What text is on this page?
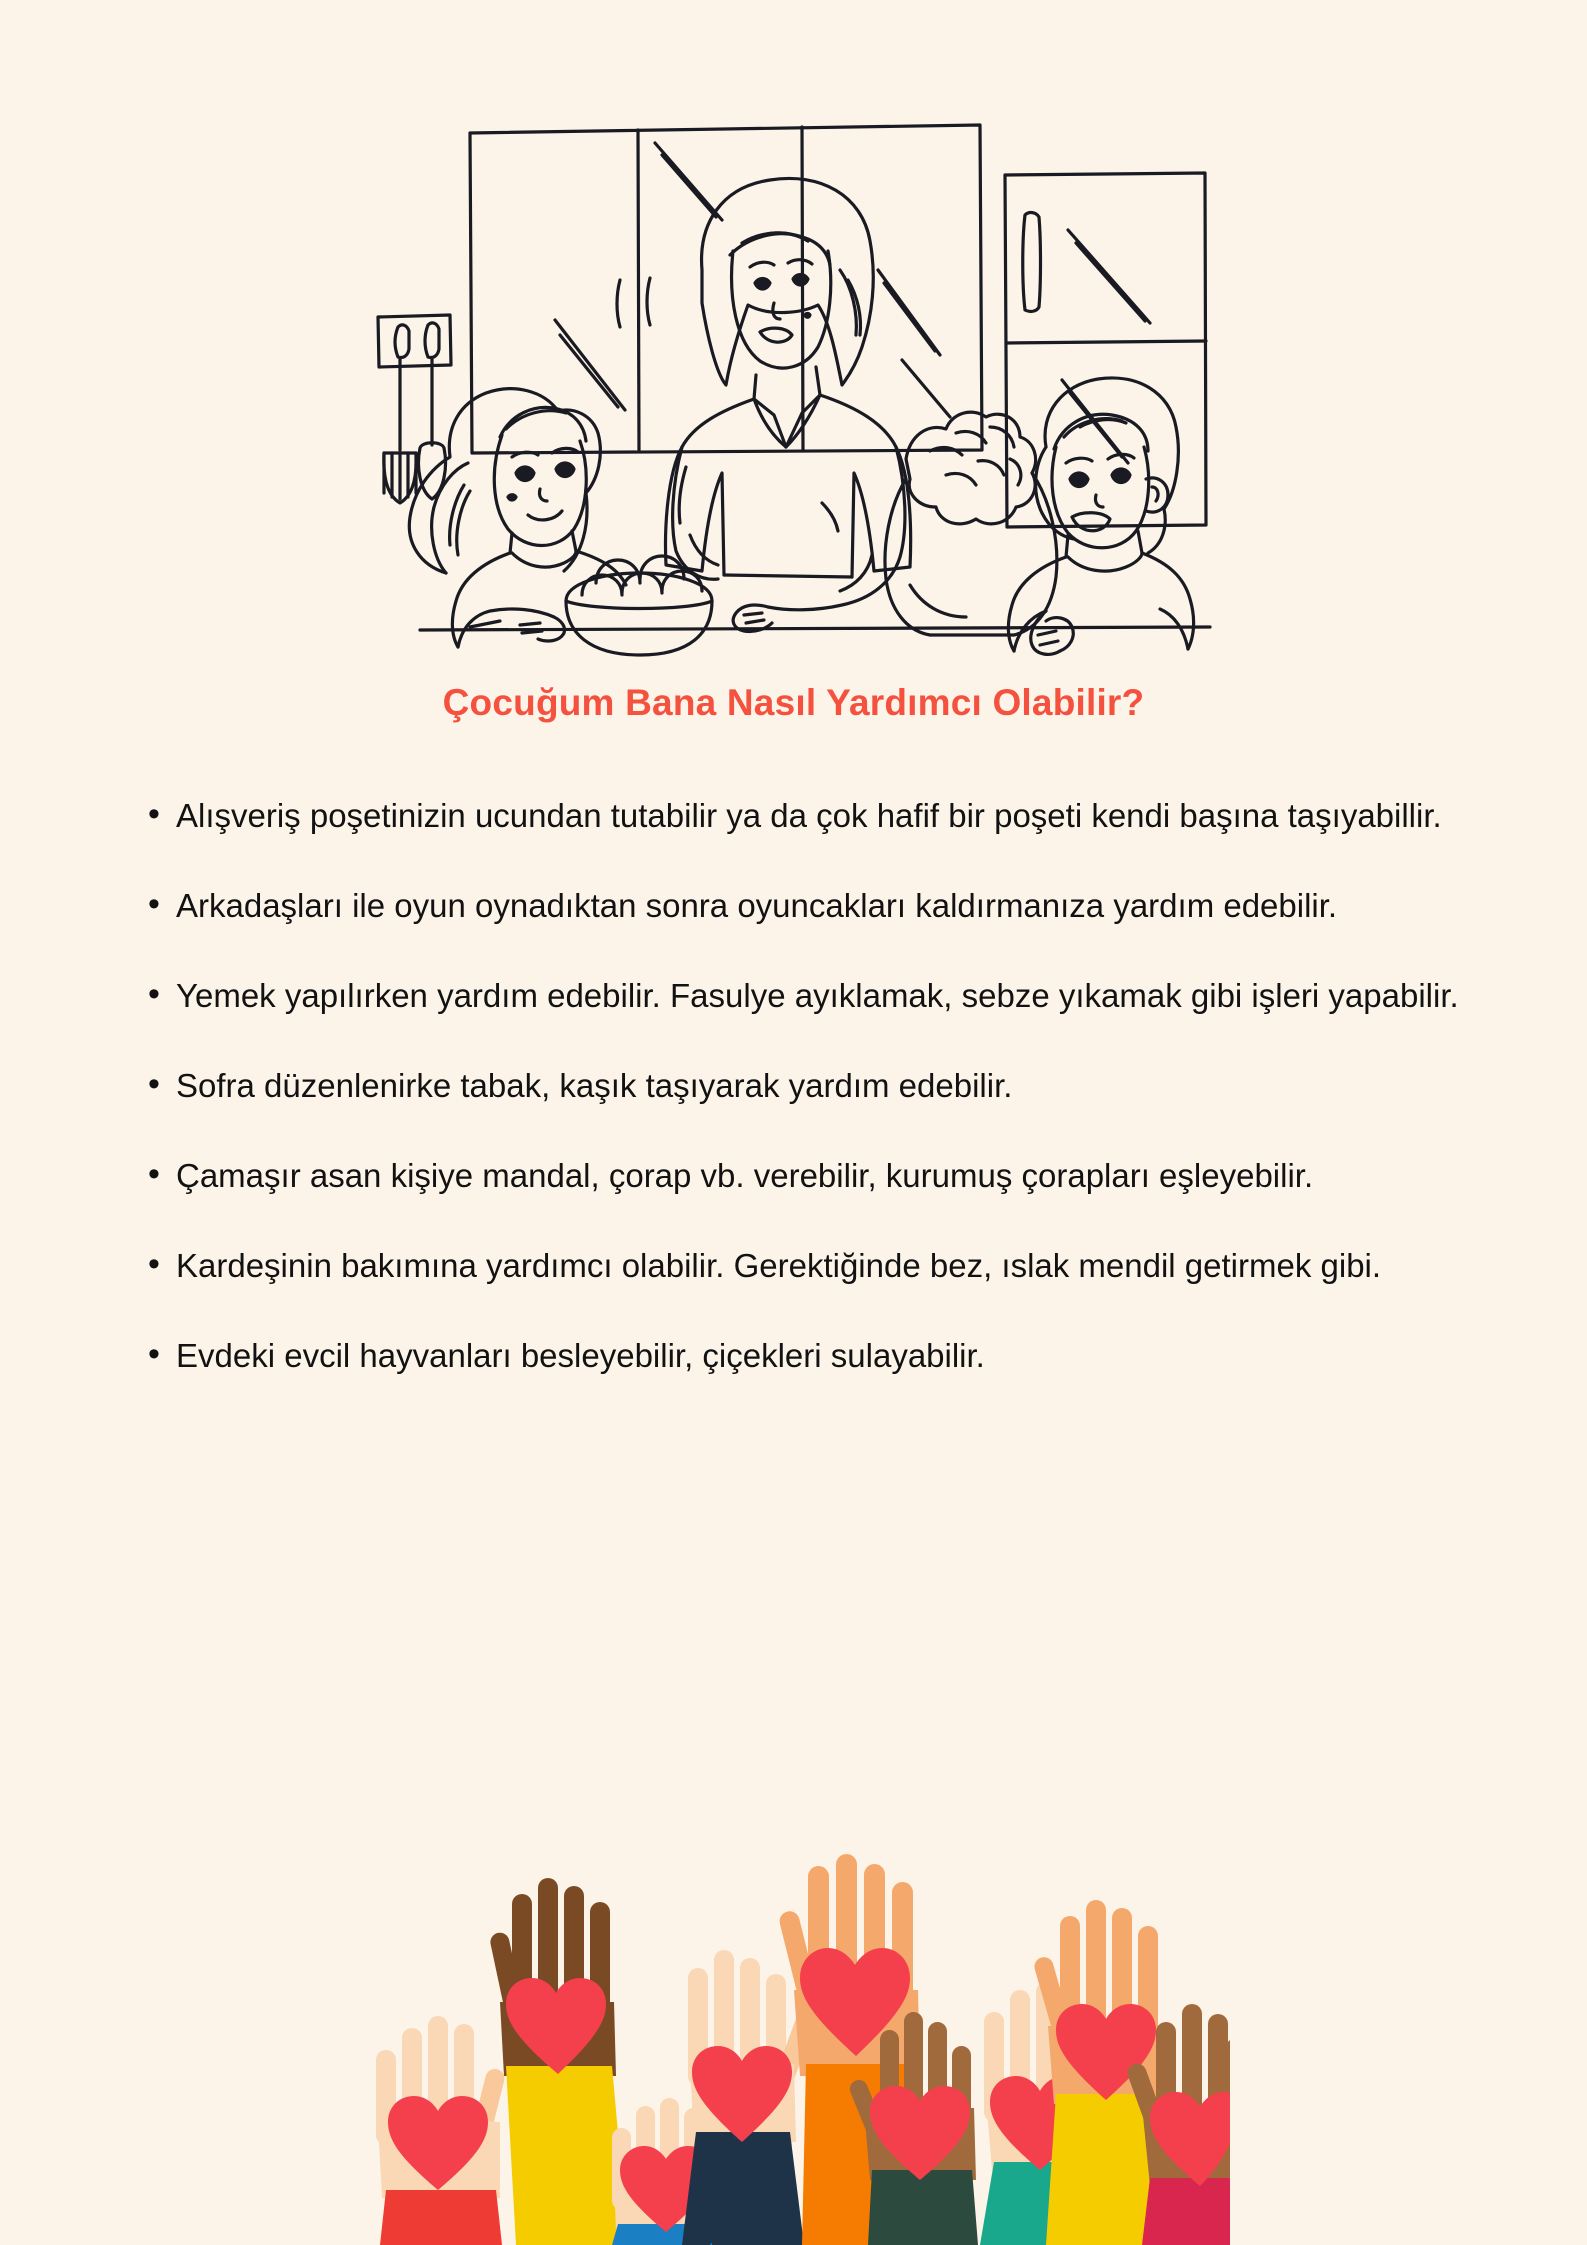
Çocuğum Bana Nasıl Yardımcı Olabilir?
• Alışveriş poşetinizin ucundan tutabilir ya da çok hafif bir poşeti kendi başına taşıyabillir.
• Arkadaşları ile oyun oynadıktan sonra oyuncakları kaldırmanıza yardım edebilir.
• Yemek yapılırken yardım edebilir. Fasulye ayıklamak, sebze yıkamak gibi işleri yapabilir.
• Sofra düzenlenirke tabak, kaşık taşıyarak yardım edebilir.
• Çamaşır asan kişiye mandal, çorap vb. verebilir, kurumuş çorapları eşleyebilir.
• Kardeşinin bakımına yardımcı olabilir. Gerektiğinde bez, ıslak mendil getirmek gibi.
• Evdeki evcil hayvanları besleyebilir, çiçekleri sulayabilir.
